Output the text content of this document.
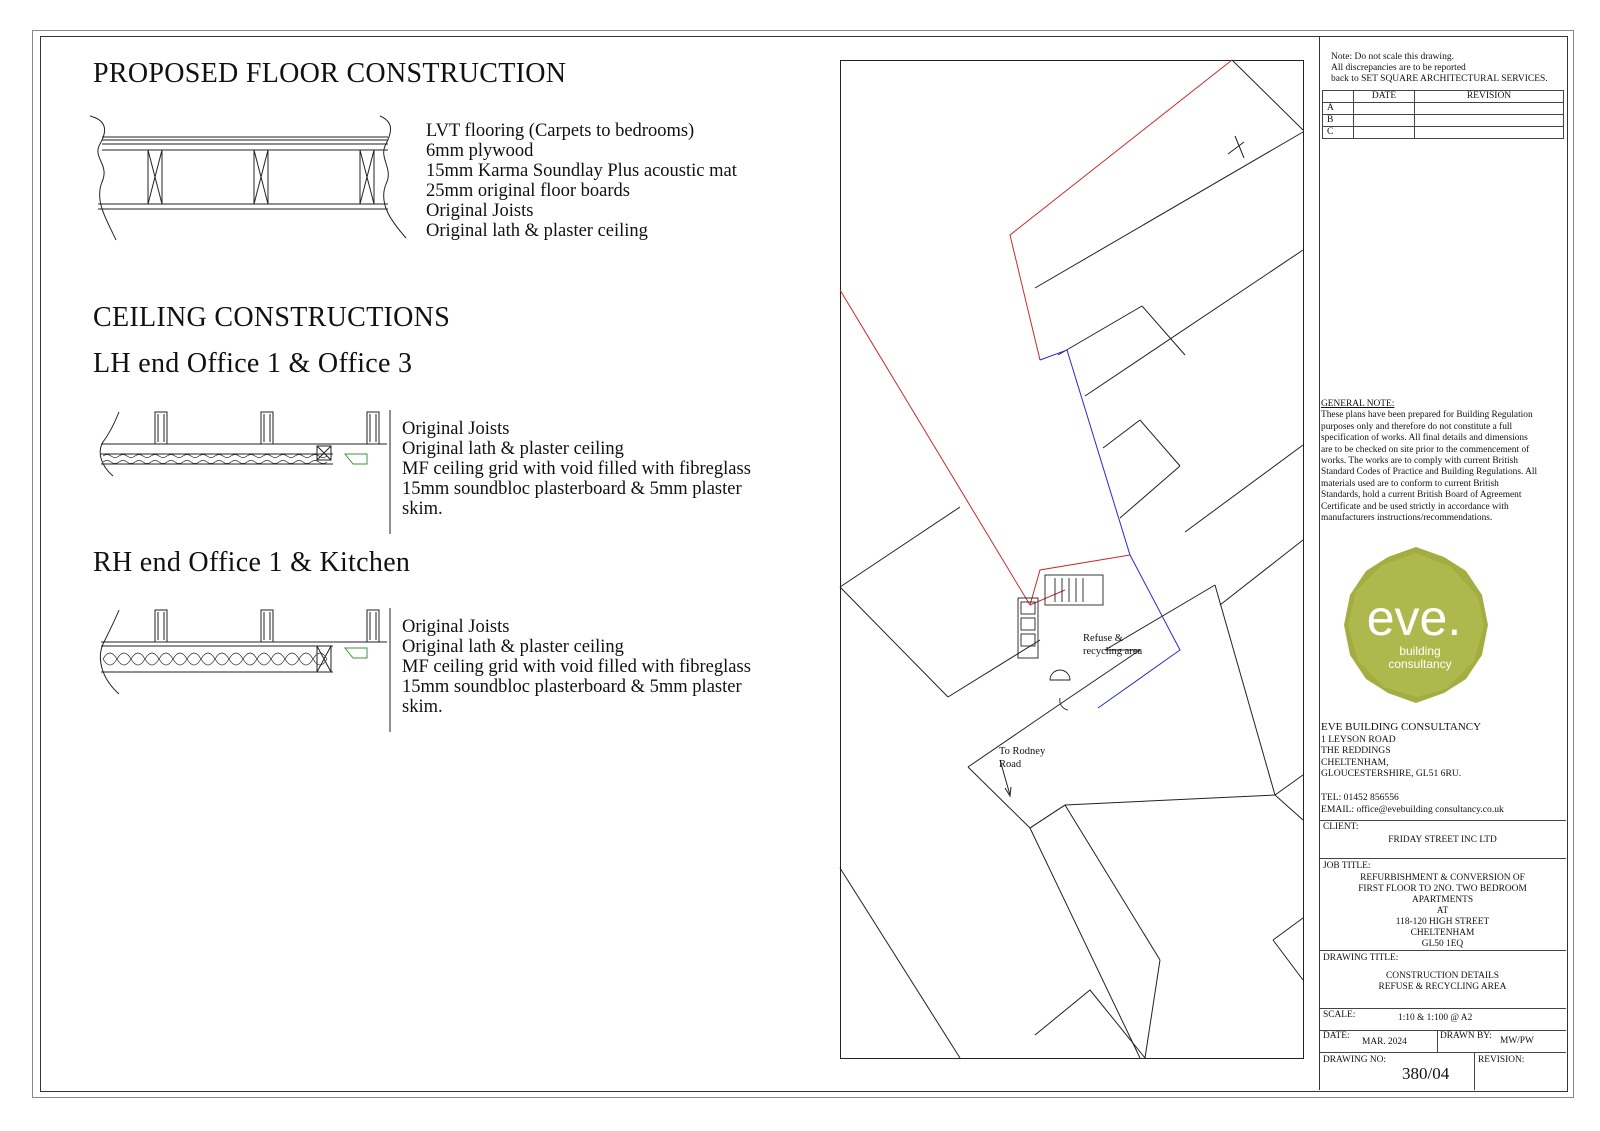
PROPOSED FLOOR CONSTRUCTION
LVT flooring (Carpets to bedrooms)
6mm plywood
15mm Karma Soundlay Plus acoustic mat
25mm original floor boards
Original Joists
Original lath & plaster ceiling
CEILING CONSTRUCTIONS
LH end Office 1 & Office 3
Original Joists
Original lath & plaster ceiling
MF ceiling grid with void filled with fibreglass
15mm soundbloc plasterboard & 5mm plaster
skim.
RH end Office 1 & Kitchen
Original Joists
Original lath & plaster ceiling
MF ceiling grid with void filled with fibreglass
15mm soundbloc plasterboard & 5mm plaster
skim.
Refuse &
recycling area
To Rodney
Road
Note: Do not scale this drawing.
All discrepancies are to be reported
back to SET SQUARE ARCHITECTURAL SERVICES.
	DATE	REVISION
A		
B		
C		
GENERAL NOTE:
These plans have been prepared for Building Regulation
purposes only and therefore do not constitute a full
specification of works. All final details and dimensions
are to be checked on site prior to the commencement of
works. The works are to comply with current British
Standard Codes of Practice and Building Regulations. All
materials used are to conform to current British
Standards, hold a current British Board of Agreement
Certificate and be used strictly in accordance with
manufacturers instructions/recommendations.
eve.
building
consultancy
EVE BUILDING CONSULTANCY
1 LEYSON ROAD
THE REDDINGS
CHELTENHAM,
GLOUCESTERSHIRE, GL51 6RU.
TEL: 01452 856556
EMAIL: office@evebuilding consultancy.co.uk
CLIENT:
FRIDAY STREET INC LTD
JOB TITLE:
REFURBISHMENT & CONVERSION OF
FIRST FLOOR TO 2NO. TWO BEDROOM
APARTMENTS
AT
118-120 HIGH STREET
CHELTENHAM
GL50 1EQ
DRAWING TITLE:
CONSTRUCTION DETAILS
REFUSE & RECYCLING AREA
SCALE:	1:10 & 1:100 @ A2
DATE:
MAR. 2024
DRAWN BY: MW/PW
DRAWING NO:
380/04
REVISION:
